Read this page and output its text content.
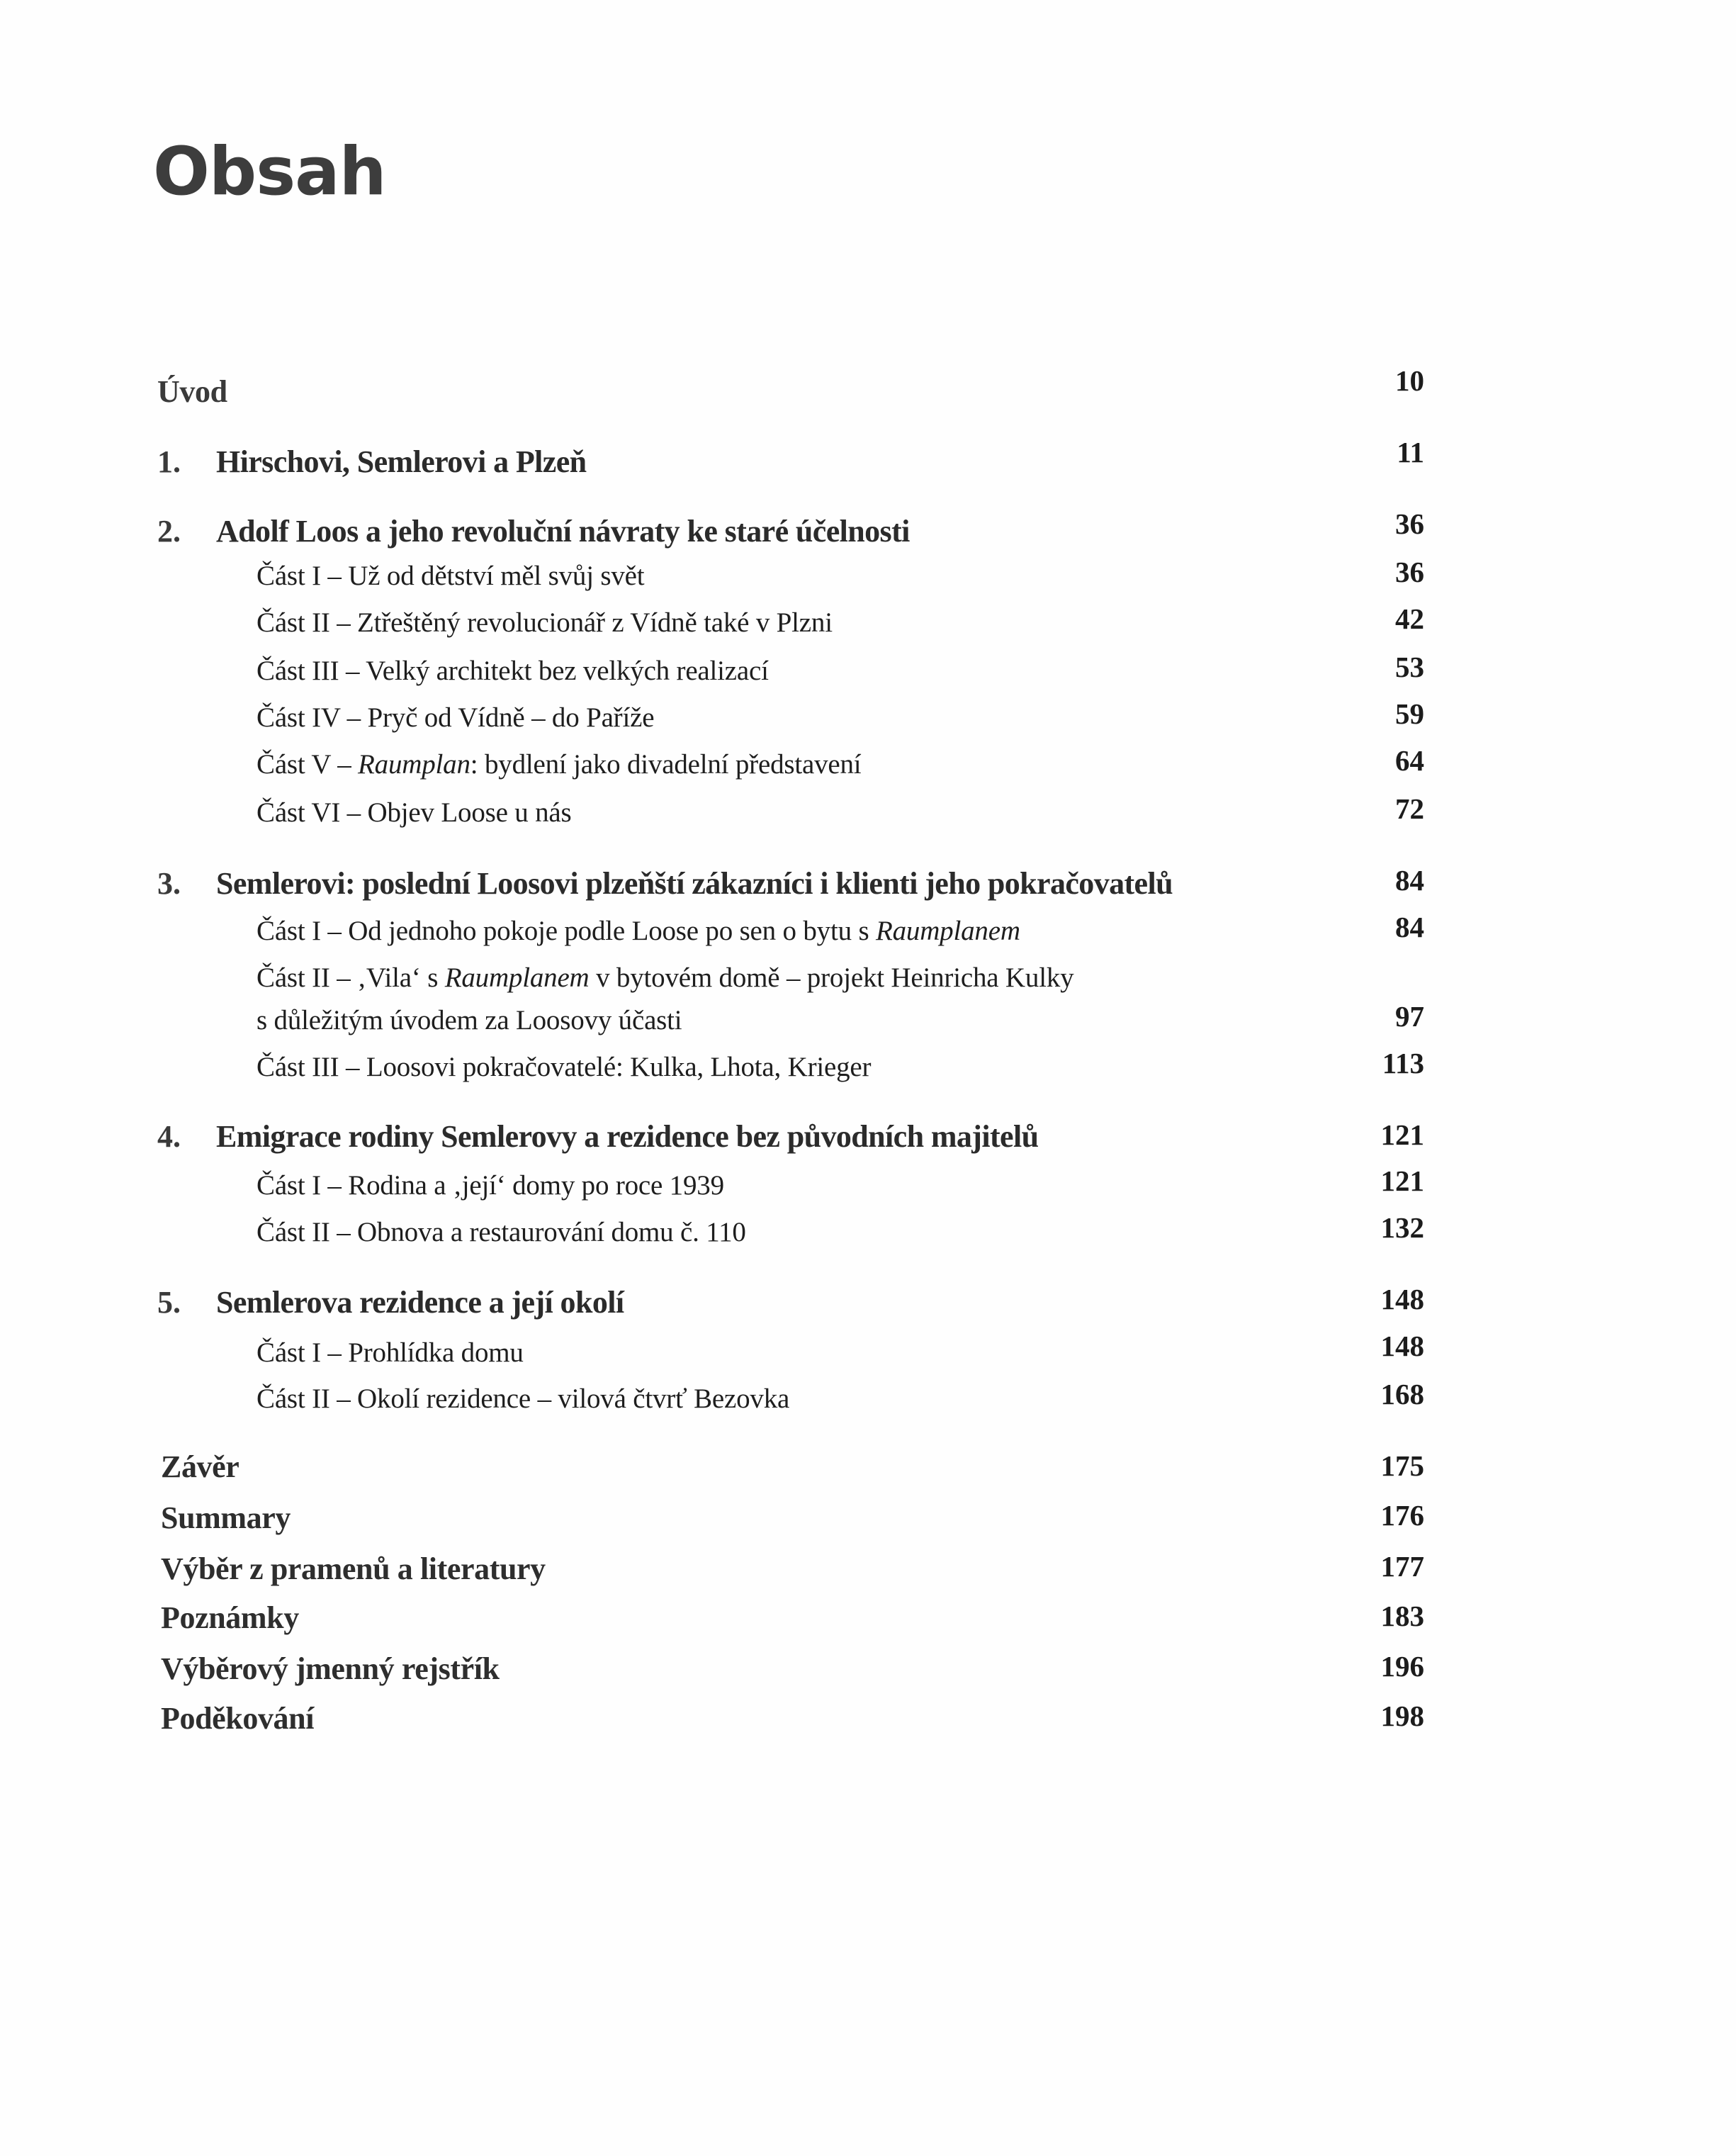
Obsah
Úvod	10
1. Hirschovi, Semlerovi a Plzeň	11
2. Adolf Loos a jeho revoluční návraty ke staré účelnosti	36
Část I – Už od dětství měl svůj svět	36
Část II – Ztřeštěný revolucionář z Vídně také v Plzni	42
Část III – Velký architekt bez velkých realizací	53
Část IV – Pryč od Vídně – do Paříže	59
Část V – Raumplan: bydlení jako divadelní představení	64
Část VI – Objev Loose u nás	72
3. Semlerovi: poslední Loosovi plzeňští zákazníci i klienti jeho pokračovatelů	84
Část I – Od jednoho pokoje podle Loose po sen o bytu s Raumplanem	84
Část II – ‚Vila‘ s Raumplanem v bytovém domě – projekt Heinricha Kulky
s důležitým úvodem za Loosovy účasti	97
Část III – Loosovi pokračovatelé: Kulka, Lhota, Krieger	113
4. Emigrace rodiny Semlerovy a rezidence bez původních majitelů	121
Část I – Rodina a ‚její‘ domy po roce 1939	121
Část II – Obnova a restaurování domu č. 110	132
5. Semlerova rezidence a její okolí	148
Část I – Prohlídka domu	148
Část II – Okolí rezidence – vilová čtvrť Bezovka	168
Závěr	175
Summary	176
Výběr z pramenů a literatury	177
Poznámky	183
Výběrový jmenný rejstřík	196
Poděkování	198
